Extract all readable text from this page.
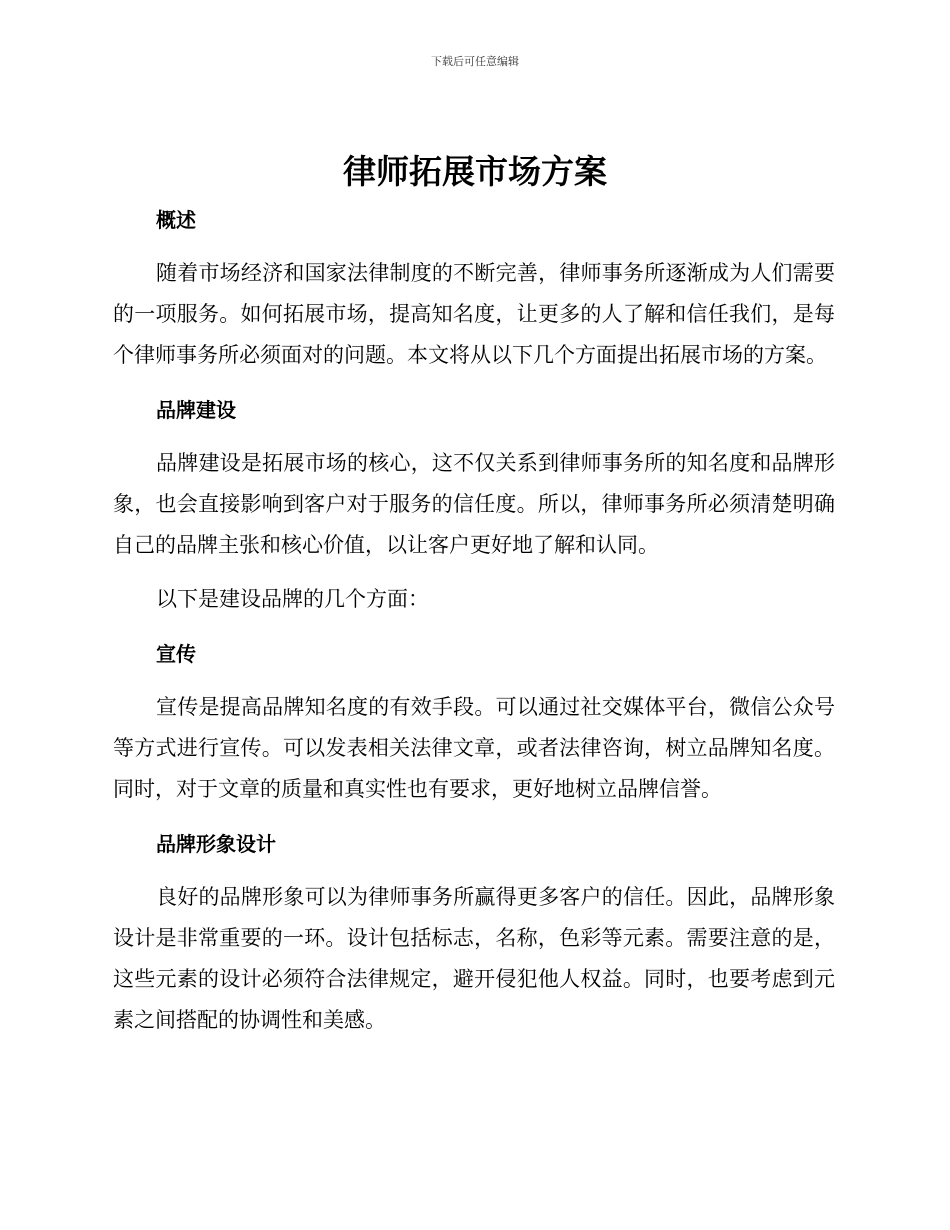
下载后可任意编辑
律师拓展市场方案
概述

随着市场经济和国家法律制度的不断完善，律师事务所逐渐成为人们需要的一项服务。如何拓展市场，提高知名度，让更多的人了解和信任我们，是每个律师事务所必须面对的问题。本文将从以下几个方面提出拓展市场的方案。

品牌建设

品牌建设是拓展市场的核心，这不仅关系到律师事务所的知名度和品牌形象，也会直接影响到客户对于服务的信任度。所以，律师事务所必须清楚明确自己的品牌主张和核心价值，以让客户更好地了解和认同。

以下是建设品牌的几个方面：

宣传

宣传是提高品牌知名度的有效手段。可以通过社交媒体平台，微信公众号等方式进行宣传。可以发表相关法律文章，或者法律咨询，树立品牌知名度。同时，对于文章的质量和真实性也有要求，更好地树立品牌信誉。

品牌形象设计

良好的品牌形象可以为律师事务所赢得更多客户的信任。因此，品牌形象设计是非常重要的一环。设计包括标志，名称，色彩等元素。需要注意的是，这些元素的设计必须符合法律规定，避开侵犯他人权益。同时，也要考虑到元素之间搭配的协调性和美感。
